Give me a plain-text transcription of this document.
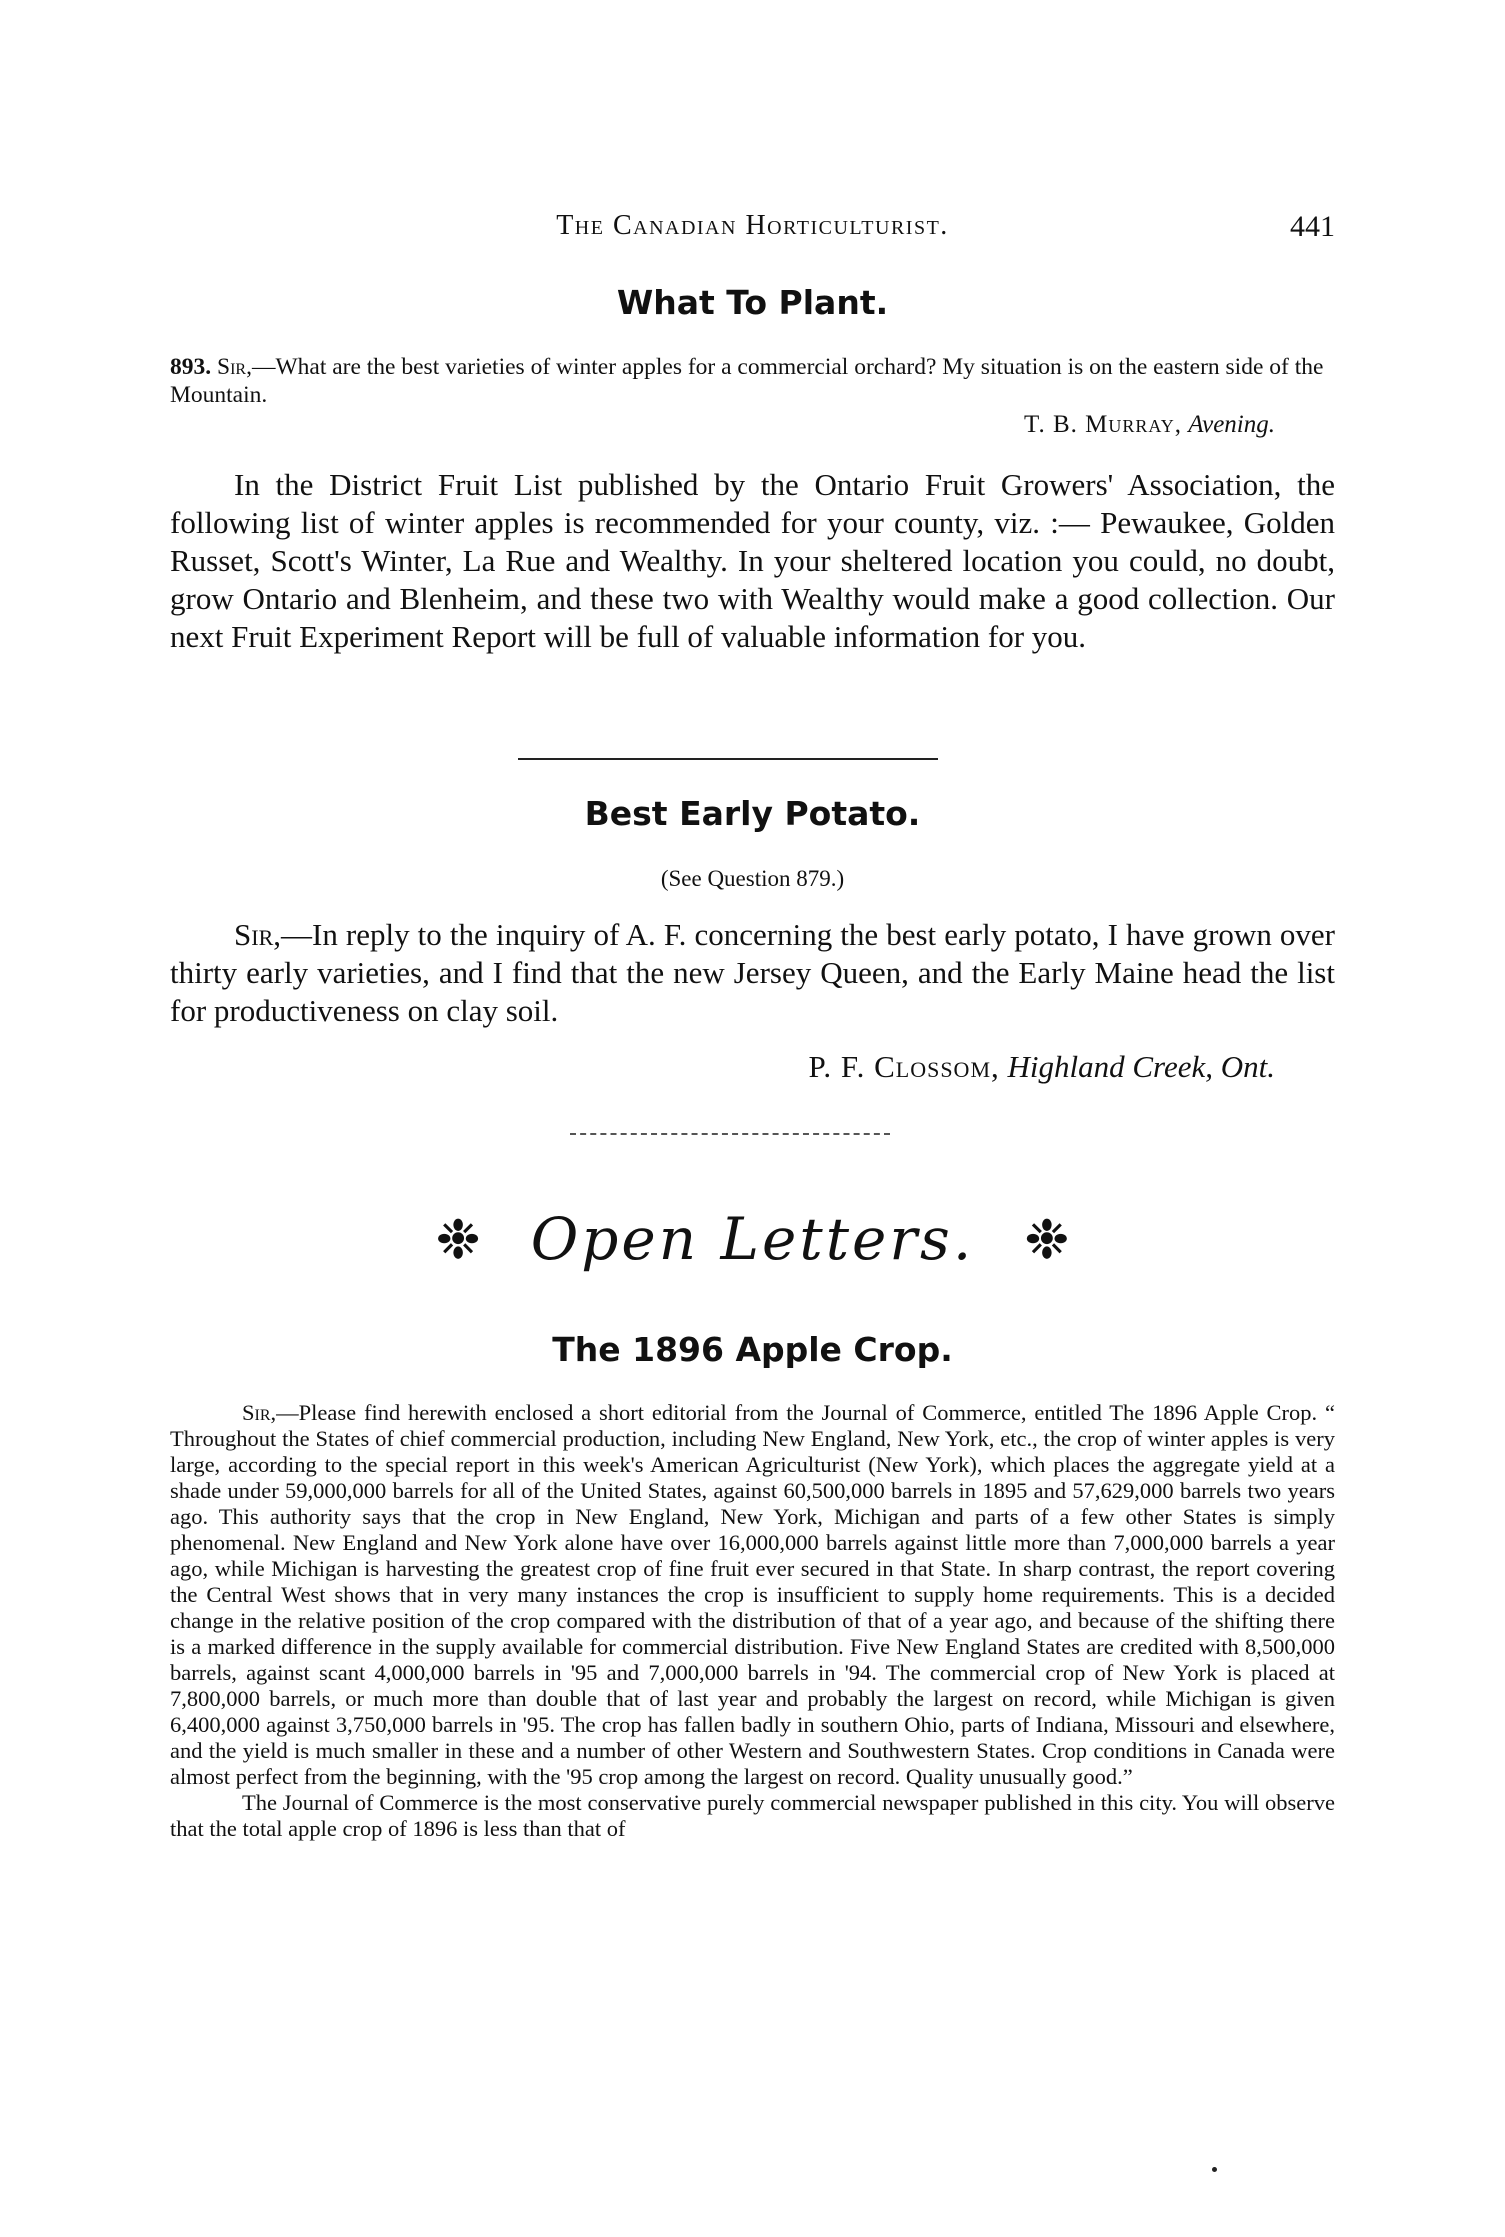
The Canadian Horticulturist.	441
What To Plant.
893. Sir,—What are the best varieties of winter apples for a commercial orchard? My situation is on the eastern side of the Mountain.
T. B. Murray, Avening.

In the District Fruit List published by the Ontario Fruit Growers' Association, the following list of winter apples is recommended for your county, viz. :— Pewaukee, Golden Russet, Scott's Winter, La Rue and Wealthy. In your sheltered location you could, no doubt, grow Ontario and Blenheim, and these two with Wealthy would make a good collection. Our next Fruit Experiment Report will be full of valuable information for you.

Best Early Potato.
(See Question 879.)

Sir,—In reply to the inquiry of A. F. concerning the best early potato, I have grown over thirty early varieties, and I find that the new Jersey Queen, and the Early Maine head the list for productiveness on clay soil.

P. F. Clossom, Highland Creek, Ont.
❉ Open Letters. ❉
The 1896 Apple Crop.

Sir,—Please find herewith enclosed a short editorial from the Journal of Commerce, entitled The 1896 Apple Crop. “ Throughout the States of chief commercial production, including New England, New York, etc., the crop of winter apples is very large, according to the special report in this week's American Agriculturist (New York), which places the aggregate yield at a shade under 59,000,000 barrels for all of the United States, against 60,500,000 barrels in 1895 and 57,629,000 barrels two years ago. This authority says that the crop in New England, New York, Michigan and parts of a few other States is simply phenomenal. New England and New York alone have over 16,000,000 barrels against little more than 7,000,000 barrels a year ago, while Michigan is harvesting the greatest crop of fine fruit ever secured in that State. In sharp contrast, the report covering the Central West shows that in very many instances the crop is insufficient to supply home requirements. This is a decided change in the relative position of the crop compared with the distribution of that of a year ago, and because of the shifting there is a marked difference in the supply available for commercial distribution. Five New England States are credited with 8,500,000 barrels, against scant 4,000,000 barrels in '95 and 7,000,000 barrels in '94. The commercial crop of New York is placed at 7,800,000 barrels, or much more than double that of last year and probably the largest on record, while Michigan is given 6,400,000 against 3,750,000 barrels in '95. The crop has fallen badly in southern Ohio, parts of Indiana, Missouri and elsewhere, and the yield is much smaller in these and a number of other Western and Southwestern States. Crop conditions in Canada were almost perfect from the beginning, with the '95 crop among the largest on record. Quality unusually good.”

The Journal of Commerce is the most conservative purely commercial newspaper published in this city. You will observe that the total apple crop of 1896 is less than that of
